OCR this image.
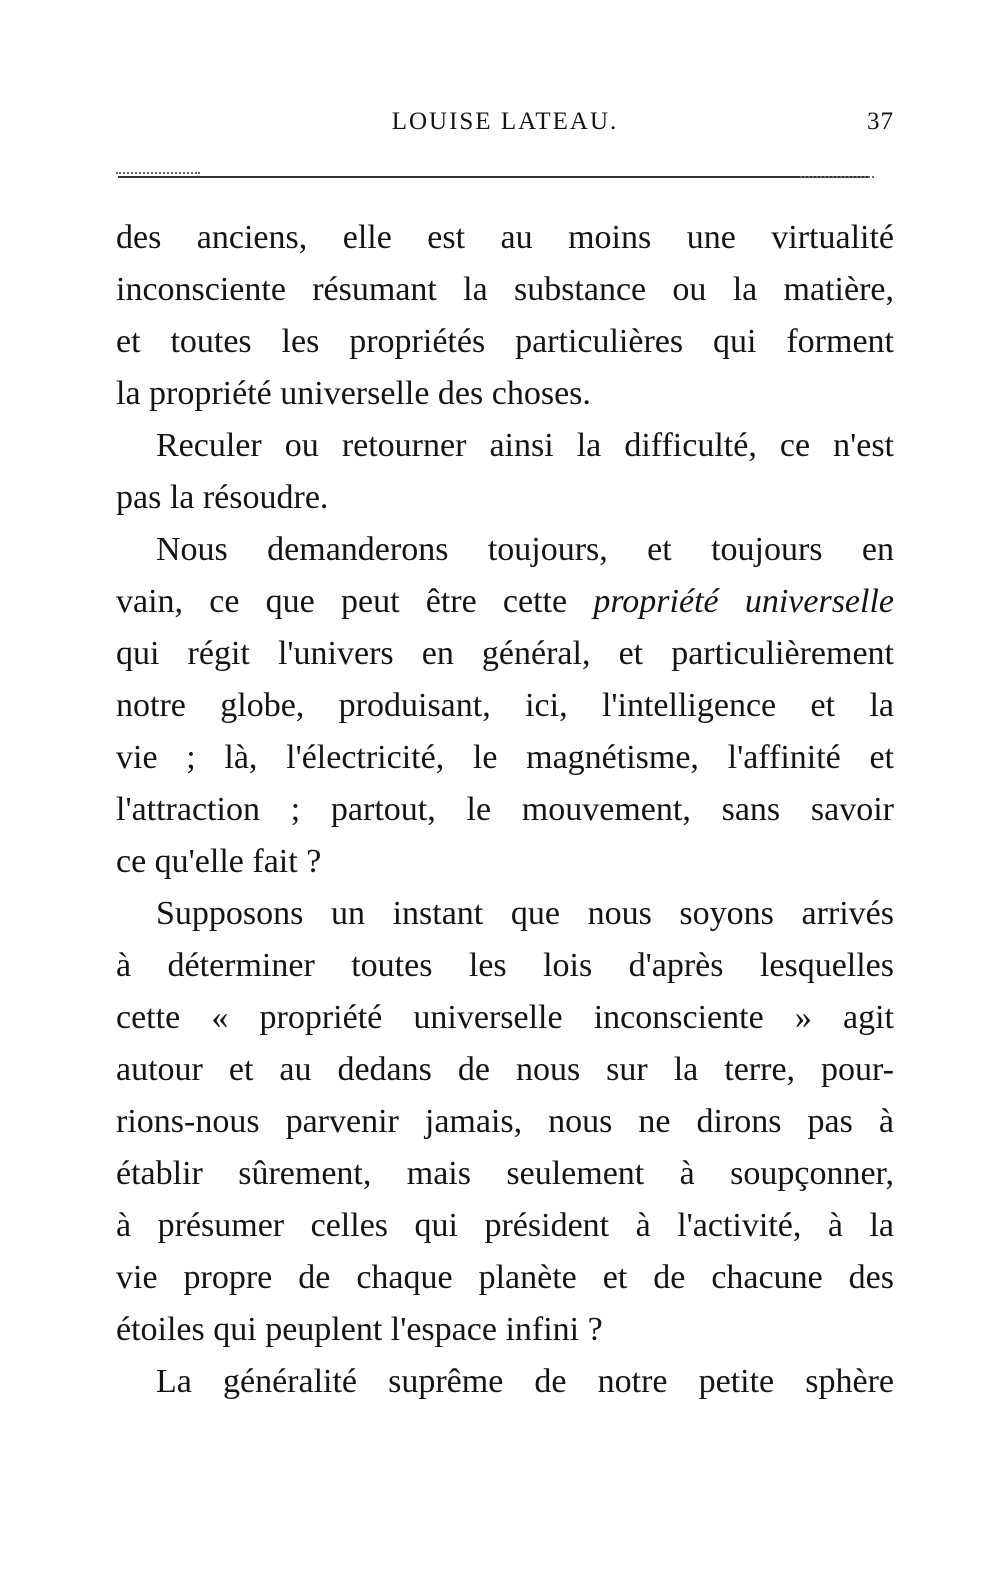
LOUISE LATEAU.	37
des anciens, elle est au moins une virtualité
inconsciente résumant la substance ou la matière,
et toutes les propriétés particulières qui forment
la propriété universelle des choses.
Reculer ou retourner ainsi la difficulté, ce n'est
pas la résoudre.
Nous demanderons toujours, et toujours en
vain, ce que peut être cette propriété universelle
qui régit l'univers en général, et particulièrement
notre globe, produisant, ici, l'intelligence et la
vie ; là, l'électricité, le magnétisme, l'affinité et
l'attraction ; partout, le mouvement, sans savoir
ce qu'elle fait ?
Supposons un instant que nous soyons arrivés
à déterminer toutes les lois d'après lesquelles
cette « propriété universelle inconsciente » agit
autour et au dedans de nous sur la terre, pour-
rions-nous parvenir jamais, nous ne dirons pas à
établir sûrement, mais seulement à soupçonner,
à présumer celles qui président à l'activité, à la
vie propre de chaque planète et de chacune des
étoiles qui peuplent l'espace infini ?
La généralité suprême de notre petite sphère
